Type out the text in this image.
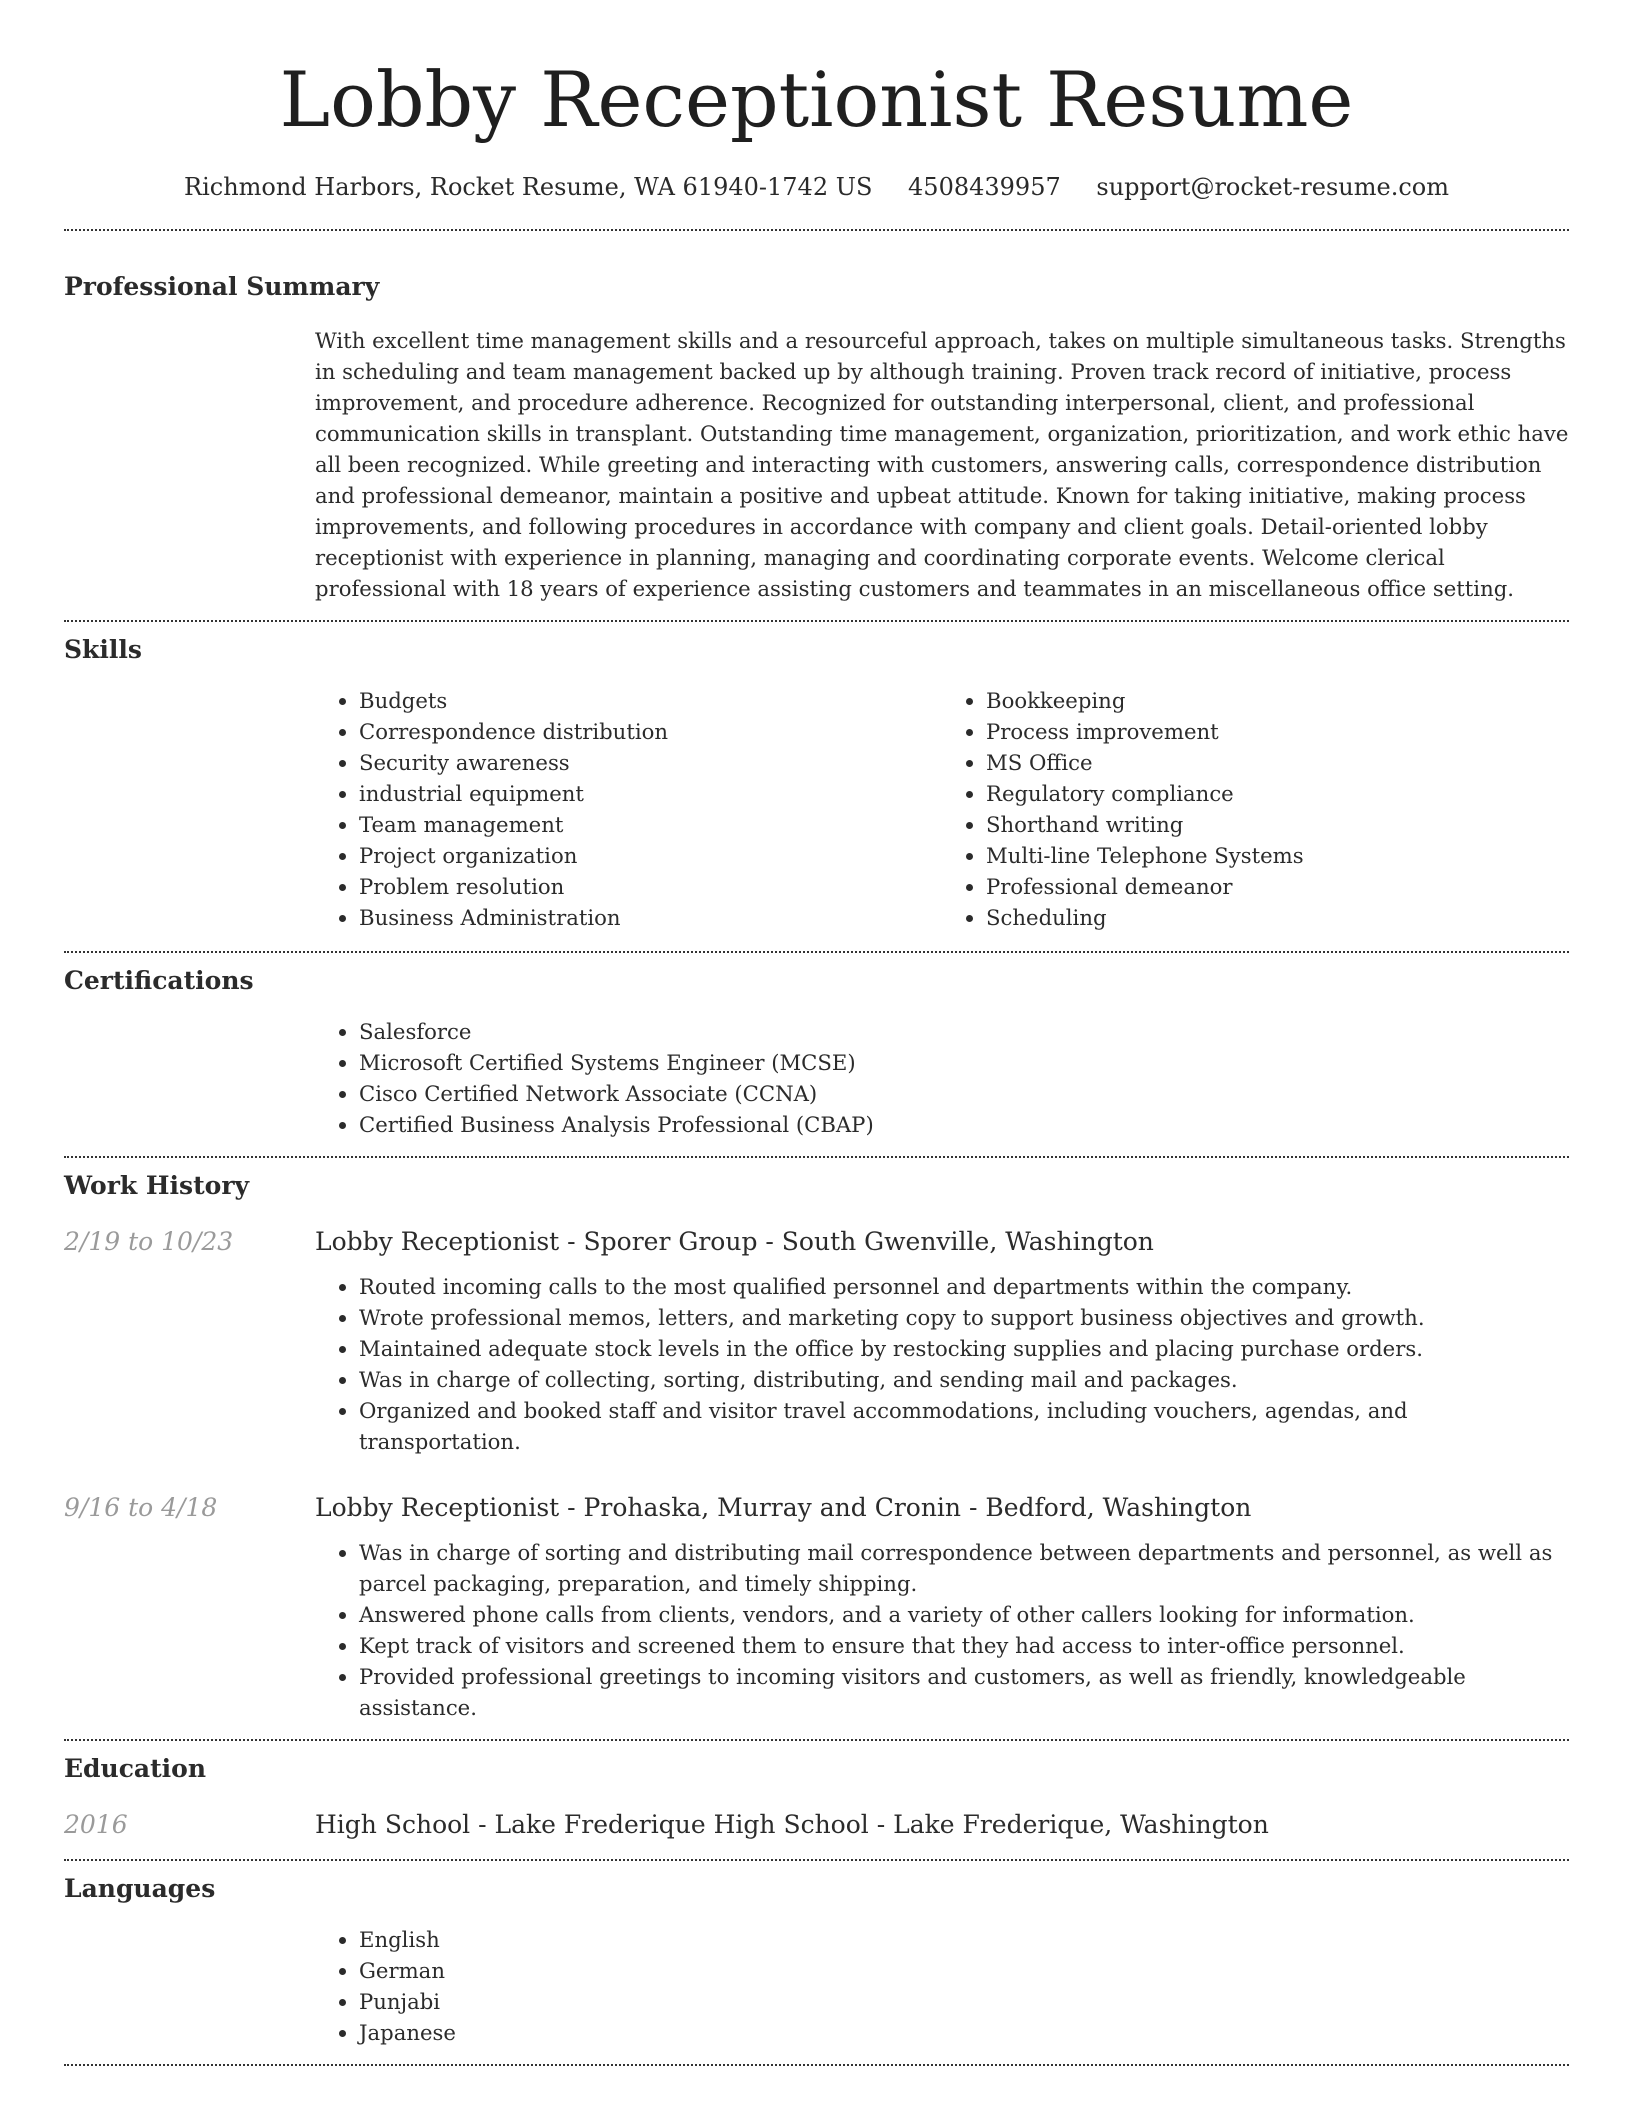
Lobby Receptionist Resume
Richmond Harbors, Rocket Resume, WA 61940-1742 US 4508439957 support@rocket-resume.com
Professional Summary

With excellent time management skills and a resourceful approach, takes on multiple simultaneous tasks. Strengths in scheduling and team management backed up by although training. Proven track record of initiative, process improvement, and procedure adherence. Recognized for outstanding interpersonal, client, and professional communication skills in transplant. Outstanding time management, organization, prioritization, and work ethic have all been recognized. While greeting and interacting with customers, answering calls, correspondence distribution and professional demeanor, maintain a positive and upbeat attitude. Known for taking initiative, making process improvements, and following procedures in accordance with company and client goals. Detail-oriented lobby receptionist with experience in planning, managing and coordinating corporate events. Welcome clerical professional with 18 years of experience assisting customers and teammates in an miscellaneous office setting.

Skills
• Budgets
• Correspondence distribution
• Security awareness
• industrial equipment
• Team management
• Project organization
• Problem resolution
• Business Administration
• Bookkeeping
• Process improvement
• MS Office
• Regulatory compliance
• Shorthand writing
• Multi-line Telephone Systems
• Professional demeanor
• Scheduling
Certifications
• Salesforce
• Microsoft Certified Systems Engineer (MCSE)
• Cisco Certified Network Associate (CCNA)
• Certified Business Analysis Professional (CBAP)
Work History
2/19 to 10/23	Lobby Receptionist - Sporer Group - South Gwenville, Washington
• Routed incoming calls to the most qualified personnel and departments within the company.
• Wrote professional memos, letters, and marketing copy to support business objectives and growth.
• Maintained adequate stock levels in the office by restocking supplies and placing purchase orders.
• Was in charge of collecting, sorting, distributing, and sending mail and packages.
• Organized and booked staff and visitor travel accommodations, including vouchers, agendas, and transportation.
9/16 to 4/18	Lobby Receptionist - Prohaska, Murray and Cronin - Bedford, Washington
• Was in charge of sorting and distributing mail correspondence between departments and personnel, as well as parcel packaging, preparation, and timely shipping.
• Answered phone calls from clients, vendors, and a variety of other callers looking for information.
• Kept track of visitors and screened them to ensure that they had access to inter-office personnel.
• Provided professional greetings to incoming visitors and customers, as well as friendly, knowledgeable assistance.
Education
2016	High School - Lake Frederique High School - Lake Frederique, Washington
Languages
• English
• German
• Punjabi
• Japanese
